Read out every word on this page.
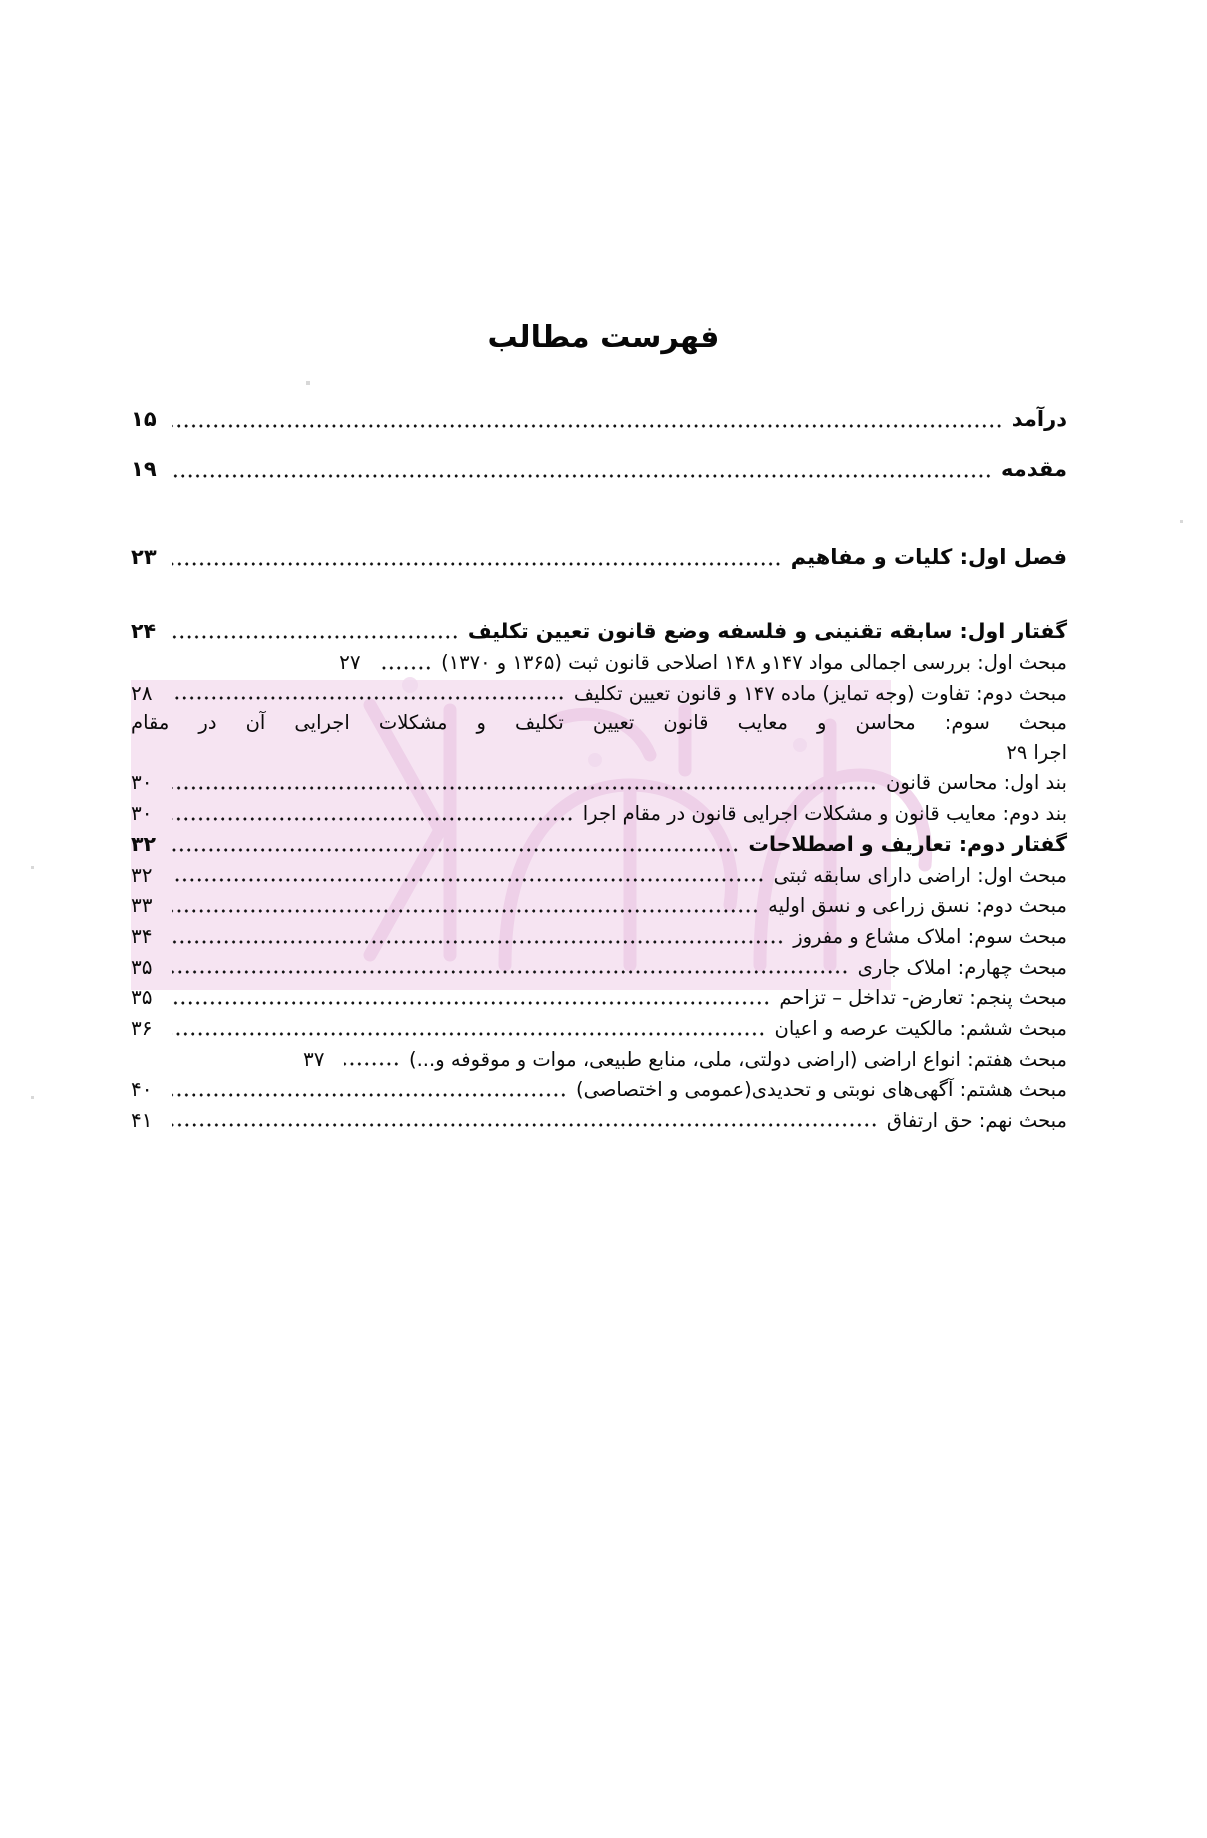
فهرست مطالب
درآمد
۱۵
مقدمه
۱۹
فصل اول: کلیات و مفاهیم
۲۳
گفتار اول: سابقه تقنینی و فلسفه وضع قانون تعیین تکلیف
۲۴
مبحث اول: بررسی اجمالی مواد ۱۴۷و ۱۴۸ اصلاحی قانون ثبت (۱۳۶۵ و ۱۳۷۰)
۲۷
مبحث دوم: تفاوت (وجه تمایز) ماده ۱۴۷ و قانون تعیین تکلیف
۲۸
مبحث سوم: محاسن و معایب قانون تعیین تکلیف و مشکلات اجرایی آن در مقام
اجرا
۲۹
بند اول: محاسن قانون
۳۰
بند دوم: معایب قانون و مشکلات اجرایی قانون در مقام اجرا
۳۰
گفتار دوم: تعاریف و اصطلاحات
۳۲
مبحث اول: اراضی دارای سابقه ثبتی
۳۲
مبحث دوم: نسق زراعی و نسق اولیه
۳۳
مبحث سوم: املاک مشاع و مفروز
۳۴
مبحث چهارم: املاک جاری
۳۵
مبحث پنجم: تعارض- تداخل – تزاحم
۳۵
مبحث ششم: مالکیت عرصه و اعیان
۳۶
مبحث هفتم: انواع اراضی (اراضی دولتی، ملی، منابع طبیعی، موات و موقوفه و...)
۳۷
مبحث هشتم: آگهی‌های نوبتی و تحدیدی(عمومی و اختصاصی)
۴۰
مبحث نهم: حق ارتفاق
۴۱
